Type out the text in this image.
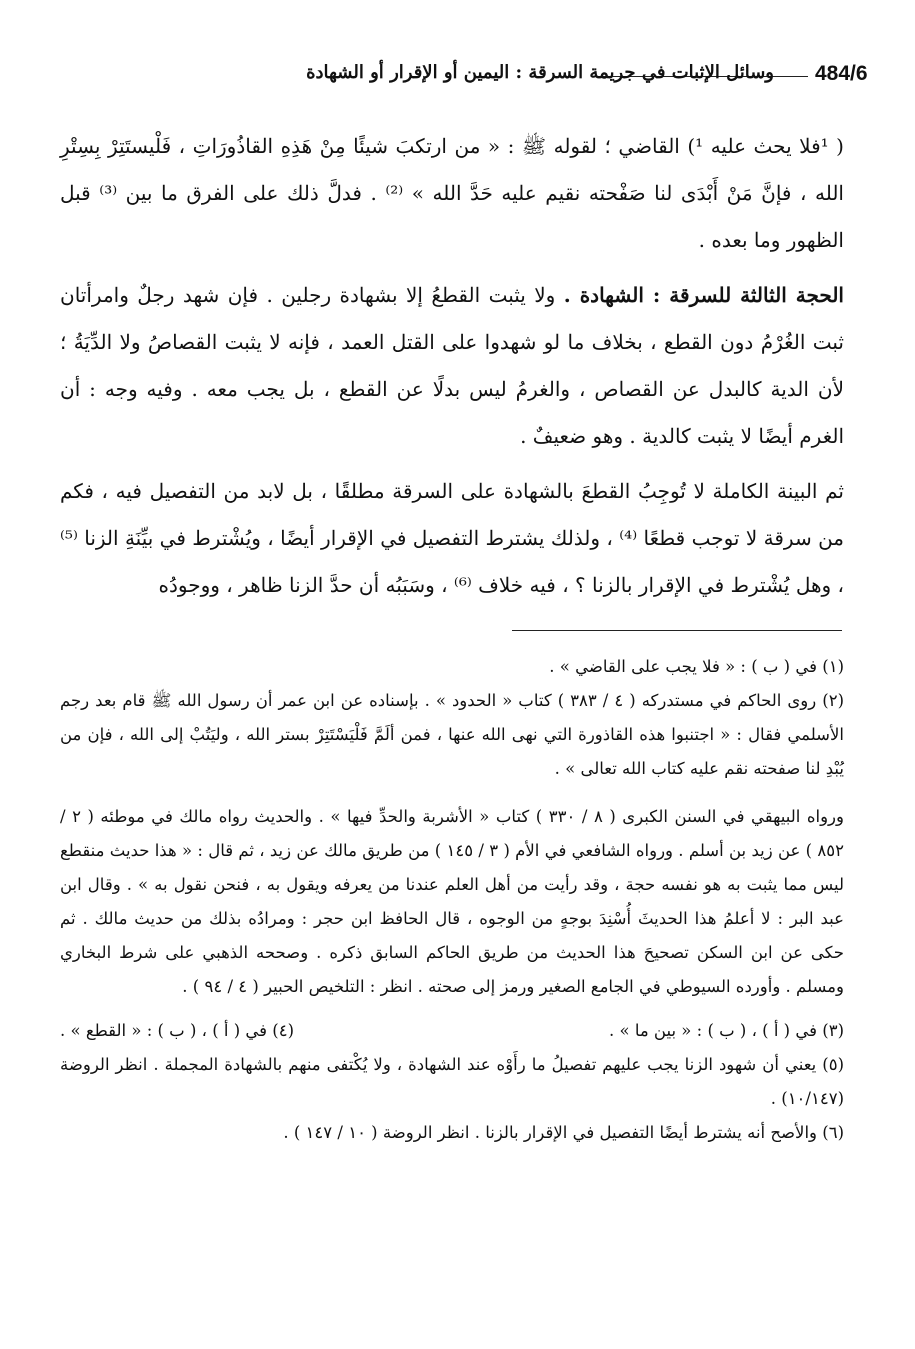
484/6
وسائل الإثبات في جريمة السرقة : اليمين أو الإقرار أو الشهادة

( ¹فلا يحث عليه ¹) القاضي ؛ لقوله ﷺ : « من ارتكبَ شيئًا مِنْ هَذِهِ القاذُورَاتِ ، فَلْيستَتِرْ بِسِتْرِ الله ، فإنَّ مَنْ أَبْدَى لنا صَفْحته نقيم عليه حَدَّ الله » ⁽²⁾ . فدلَّ ذلك على الفرق ما بين ⁽³⁾ قبل الظهور وما بعده .

الحجة الثالثة للسرقة : الشهادة . ولا يثبت القطعُ إلا بشهادة رجلين . فإن شهد رجلٌ وامرأتان ثبت الغُرْمُ دون القطع ، بخلاف ما لو شهدوا على القتل العمد ، فإنه لا يثبت القصاصُ ولا الدِّيَةُ ؛ لأن الدية كالبدل عن القصاص ، والغرمُ ليس بدلًا عن القطع ، بل يجب معه . وفيه وجه : أن الغرم أيضًا لا يثبت كالدية . وهو ضعيفٌ .

ثم البينة الكاملة لا تُوجِبُ القطعَ بالشهادة على السرقة مطلقًا ، بل لابد من التفصيل فيه ، فكم من سرقة لا توجب قطعًا ⁽⁴⁾ ، ولذلك يشترط التفصيل في الإقرار أيضًا ، ويُشْترط في بيِّنَةِ الزنا ⁽⁵⁾ ، وهل يُشْترط في الإقرار بالزنا ؟ ، فيه خلاف ⁽⁶⁾ ، وسَبَبُه أن حدَّ الزنا ظاهر ، ووجودُه

(١) في ( ب ) : « فلا يجب على القاضي » .

(٢) روى الحاكم في مستدركه ( ٤ / ٣٨٣ ) كتاب « الحدود » . بإسناده عن ابن عمر أن رسول الله ﷺ قام بعد رجم الأسلمي فقال : « اجتنبوا هذه القاذورة التي نهى الله عنها ، فمن ألَمَّ فَلْيَسْتَتِرْ بستر الله ، وليَتُبْ إلى الله ، فإن من يُبْدِ لنا صفحته نقم عليه كتاب الله تعالى » .

ورواه البيهقي في السنن الكبرى ( ٨ / ٣٣٠ ) كتاب « الأشربة والحدِّ فيها » . والحديث رواه مالك في موطئه ( ٢ / ٨٥٢ ) عن زيد بن أسلم . ورواه الشافعي في الأم ( ٣ / ١٤٥ ) من طريق مالك عن زيد ، ثم قال : « هذا حديث منقطع ليس مما يثبت به هو نفسه حجة ، وقد رأيت من أهل العلم عندنا من يعرفه ويقول به ، فنحن نقول به » . وقال ابن عبد البر : لا أعلمُ هذا الحديثَ أُسْنِدَ بوجهٍ من الوجوه ، قال الحافظ ابن حجر : ومرادُه بذلك من حديث مالك . ثم حكى عن ابن السكن تصحيحَ هذا الحديث من طريق الحاكم السابق ذكره . وصححه الذهبي على شرط البخاري ومسلم . وأورده السيوطي في الجامع الصغير ورمز إلى صحته . انظر : التلخيص الحبير ( ٤ / ٩٤ ) .

(٣) في ( أ ) ، ( ب ) : « بين ما » .
(٤) في ( أ ) ، ( ب ) : « القطع » .

(٥) يعني أن شهود الزنا يجب عليهم تفصيلُ ما رأَوْه عند الشهادة ، ولا يُكْتفى منهم بالشهادة المجملة . انظر الروضة (١٠/١٤٧) .

(٦) والأصح أنه يشترط أيضًا التفصيل في الإقرار بالزنا . انظر الروضة ( ١٠ / ١٤٧ ) .
